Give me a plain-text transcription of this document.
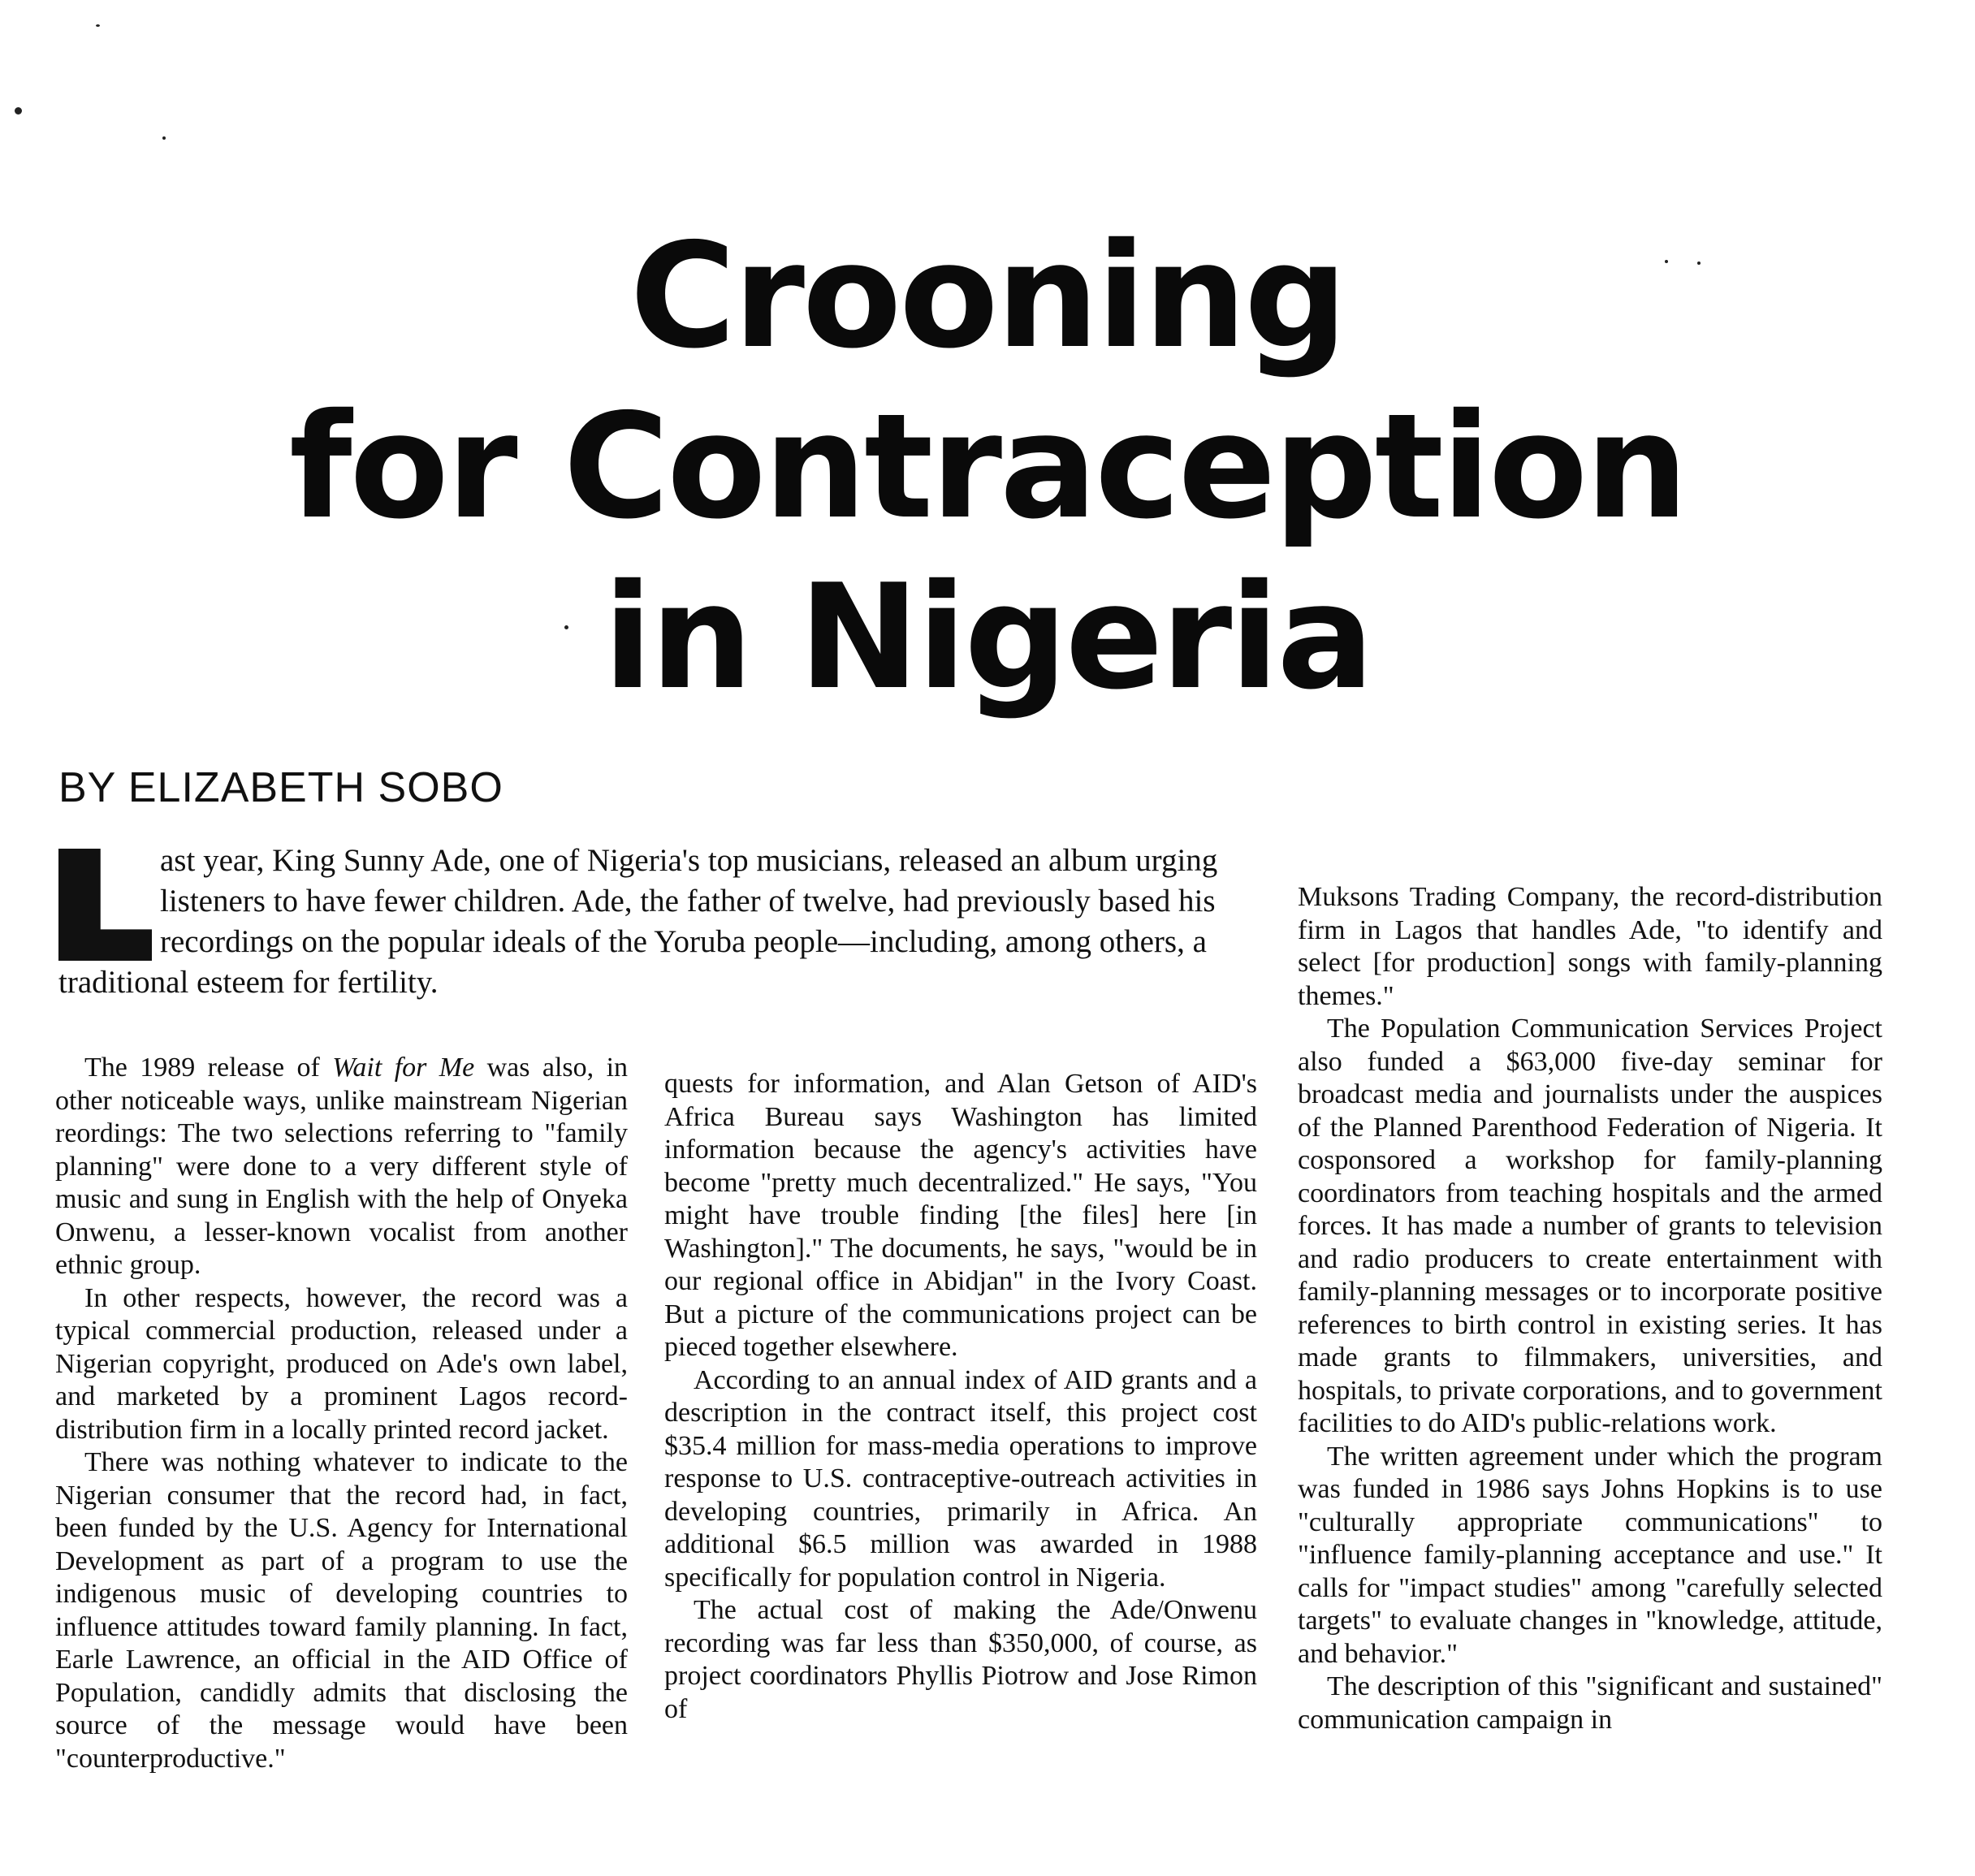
Crooning
for Contraception
in Nigeria
BY ELIZABETH SOBO
ast year, King Sunny Ade, one of Nigeria's top musicians, released an album urging listeners to have fewer children. Ade, the father of twelve, had previously based his recordings on the popular ideals of the Yoruba people—including, among others, a traditional esteem for fertility.

The 1989 release of Wait for Me was also, in other noticeable ways, unlike mainstream Nigerian reordings: The two selections referring to "family planning" were done to a very different style of music and sung in English with the help of Onyeka Onwenu, a lesser-known vocalist from another ethnic group.

In other respects, however, the record was a typical commercial production, released under a Nigerian copyright, produced on Ade's own label, and marketed by a prominent Lagos record-distribution firm in a locally printed record jacket.

There was nothing whatever to indicate to the Nigerian consumer that the record had, in fact, been funded by the U.S. Agency for International Development as part of a program to use the indigenous music of developing countries to influence attitudes toward family planning. In fact, Earle Lawrence, an official in the AID Office of Population, candidly admits that disclosing the source of the message would have been "counterproductive."

quests for information, and Alan Getson of AID's Africa Bureau says Washington has limited information because the agency's activities have become "pretty much decentralized." He says, "You might have trouble finding [the files] here [in Washington]." The documents, he says, "would be in our regional office in Abidjan" in the Ivory Coast. But a picture of the communications project can be pieced together elsewhere.

According to an annual index of AID grants and a description in the contract itself, this project cost $35.4 million for mass-media operations to improve response to U.S. contraceptive-outreach activities in developing countries, primarily in Africa. An additional $6.5 million was awarded in 1988 specifically for population control in Nigeria.

The actual cost of making the Ade/Onwenu recording was far less than $350,000, of course, as project coordinators Phyllis Piotrow and Jose Rimon of

Muksons Trading Company, the record-distribution firm in Lagos that handles Ade, "to identify and select [for production] songs with family-planning themes."

The Population Communication Services Project also funded a $63,000 five-day seminar for broadcast media and journalists under the auspices of the Planned Parenthood Federation of Nigeria. It cosponsored a workshop for family-planning coordinators from teaching hospitals and the armed forces. It has made a number of grants to television and radio producers to create entertainment with family-planning messages or to incorporate positive references to birth control in existing series. It has made grants to filmmakers, universities, and hospitals, to private corporations, and to government facilities to do AID's public-relations work.

The written agreement under which the program was funded in 1986 says Johns Hopkins is to use "culturally appropriate communications" to "influence family-planning acceptance and use." It calls for "impact studies" among "carefully selected targets" to evaluate changes in "knowledge, attitude, and behavior."

The description of this "significant and sustained" communication campaign in
